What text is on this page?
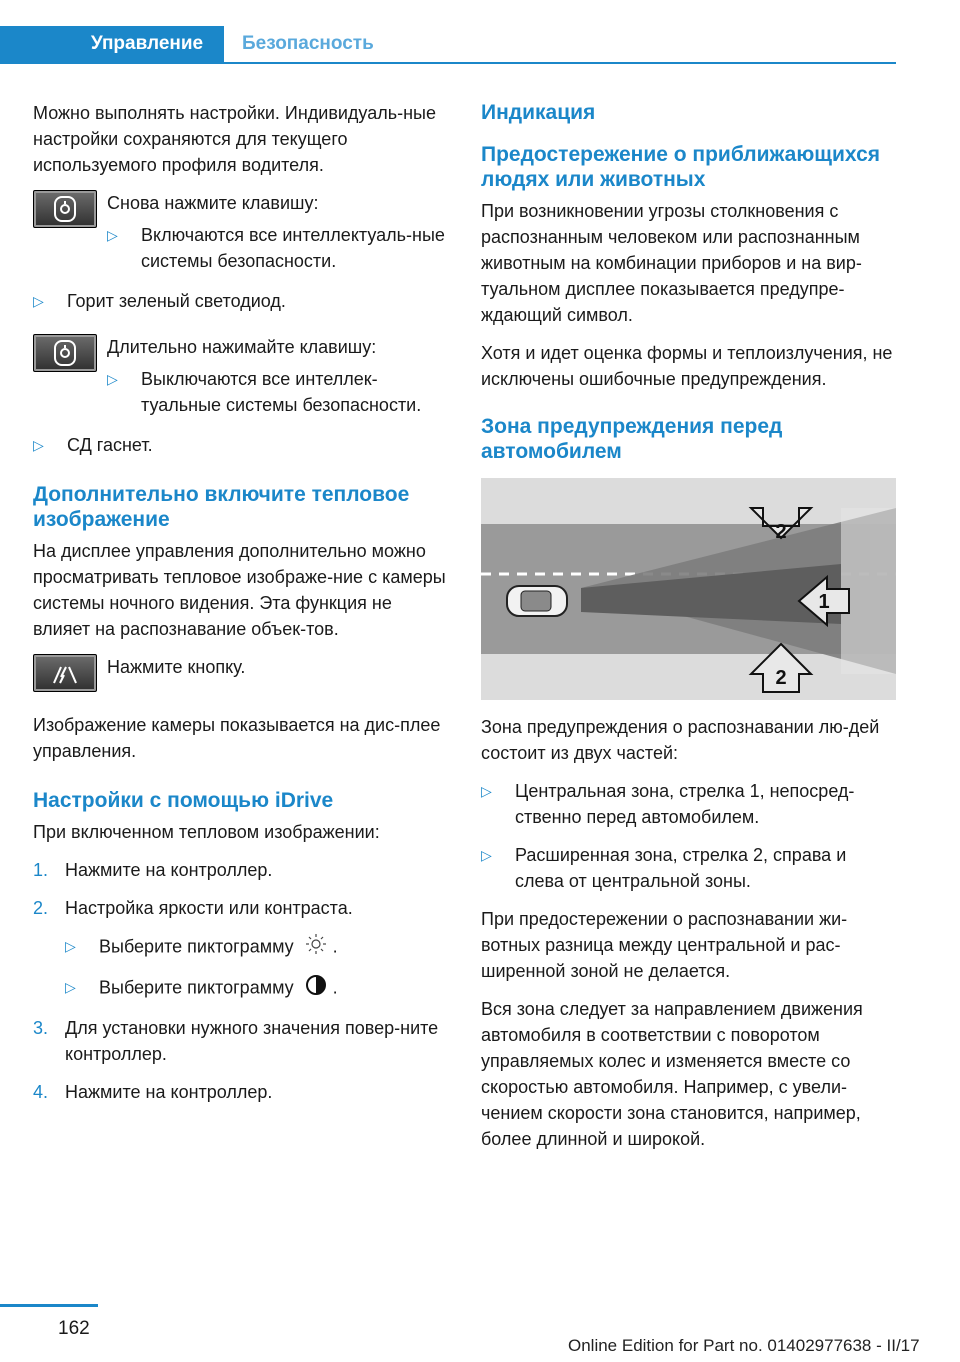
Управление	Безопасность

Можно выполнять настройки. Индивидуаль-ные настройки сохраняются для текущего используемого профиля водителя.

Снова нажмите клавишу:
▷ Включаются все интеллектуаль-ные системы безопасности.
▷ Горит зеленый светодиод.
Длительно нажимайте клавишу:
▷ Выключаются все интеллек-туальные системы безопасности.
▷ СД гаснет.
Дополнительно включите тепловое изображение

На дисплее управления дополнительно можно просматривать тепловое изображе-ние с камеры системы ночного видения. Эта функция не влияет на распознавание объек-тов.

Нажмите кнопку.

Изображение камеры показывается на дис-плее управления.

Настройки с помощью iDrive

При включенном тепловом изображении:

1. Нажмите на контроллер.
2. Настройка яркости или контраста.
▷ Выберите пиктограмму .
▷ Выберите пиктограмму .
3. Для установки нужного значения повер-ните контроллер.
4. Нажмите на контроллер.
Индикация
Предостережение о приближающихся людях или животных

При возникновении угрозы столкновения с распознанным человеком или распознанным животным на комбинации приборов и на вир-туальном дисплее показывается предупре-ждающий символ.

Хотя и идет оценка формы и теплоизлучения, не исключены ошибочные предупреждения.

Зона предупреждения перед автомобилем
2
1
2

Зона предупреждения о распознавании лю-дей состоит из двух частей:

▷ Центральная зона, стрелка 1, непосред-ственно перед автомобилем.
▷ Расширенная зона, стрелка 2, справа и слева от центральной зоны.

При предостережении о распознавании жи-вотных разница между центральной и рас-ширенной зоной не делается.

Вся зона следует за направлением движения автомобиля в соответствии с поворотом управляемых колес и изменяется вместе со скоростью автомобиля. Например, с увели-чением скорости зона становится, например, более длинной и широкой.

162
Online Edition for Part no. 01402977638 - II/17
